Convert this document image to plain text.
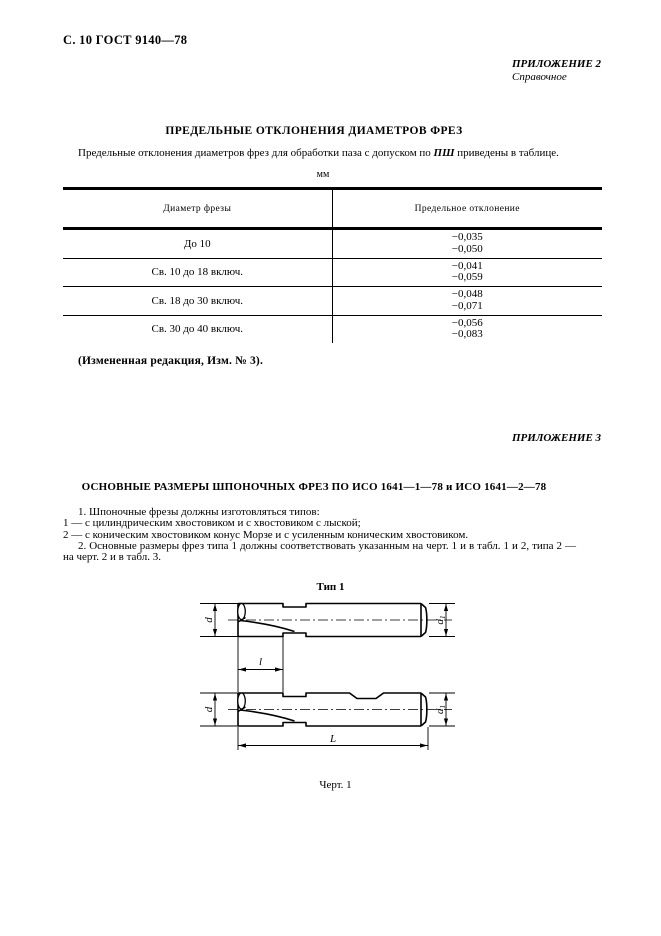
С. 10 ГОСТ 9140—78
ПРИЛОЖЕНИЕ 2
Справочное
ПРЕДЕЛЬНЫЕ ОТКЛОНЕНИЯ ДИАМЕТРОВ ФРЕЗ
Предельные отклонения диаметров фрез для обработки паза с допуском по ПШ приведены в таблице.
мм
Диаметр фрезы	Предельное отклонение
До 10	−0,035
−0,050

Св. 10 до 18 включ.	−0,041
−0,059

Св. 18 до 30 включ.	−0,048
−0,071

Св. 30 до 40 включ.	−0,056
−0,083
(Измененная редакция, Изм. № 3).
ПРИЛОЖЕНИЕ 3
ОСНОВНЫЕ РАЗМЕРЫ ШПОНОЧНЫХ ФРЕЗ ПО ИСО 1641—1—78 и ИСО 1641—2—78
1. Шпоночные фрезы должны изготовляться типов:
1 — с цилиндрическим хвостовиком и с хвостовиком с лыской;
2 — с коническим хвостовиком конус Морзе и с усиленным коническим хвостовиком.
2. Основные размеры фрез типа 1 должны соответствовать указанным на черт. 1 и в табл. 1 и 2, типа 2 —
на черт. 2 и в табл. 3.
Тип 1
d	d1
l
d	d1
L
Черт. 1
